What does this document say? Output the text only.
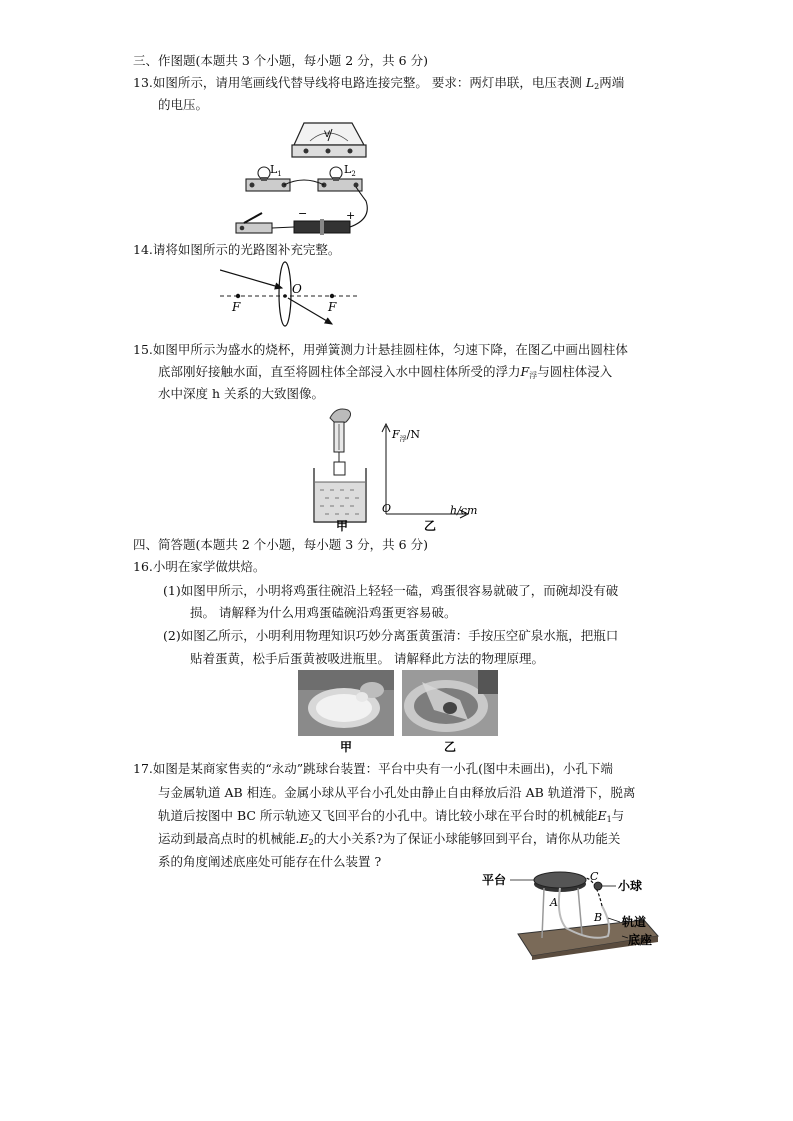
三、作图题(本题共 3 个小题，每小题 2 分，共 6 分)
13.如图所示，请用笔画线代替导线将电路连接完整。 要求：两灯串联，电压表测 $L_2$两端
的电压。
V
$L_1$	$L_2$
−	+
14.请将如图所示的光路图补充完整。
F
O
F
15.如图甲所示为盛水的烧杯，用弹簧测力计悬挂圆柱体，匀速下降，在图乙中画出圆柱体
底部刚好接触水面，直至将圆柱体全部浸入水中圆柱体所受的浮力$F_浮$与圆柱体浸入
水中深度 h 关系的大致图像。
$F_浮/N$
O	h/cm
甲	乙
四、简答题(本题共 2 个小题，每小题 3 分，共 6 分)
16.小明在家学做烘焙。
(1)如图甲所示，小明将鸡蛋往碗沿上轻轻一磕，鸡蛋很容易就破了，而碗却没有破
损。 请解释为什么用鸡蛋磕碗沿鸡蛋更容易破。
(2)如图乙所示，小明利用物理知识巧妙分离蛋黄蛋清：手按压空矿泉水瓶，把瓶口
贴着蛋黄，松手后蛋黄被吸进瓶里。 请解释此方法的物理原理。
甲	乙
17.如图是某商家售卖的“永动”跳球台装置：平台中央有一小孔(图中未画出)，小孔下端
与金属轨道 AB 相连。金属小球从平台小孔处由静止自由释放后沿 AB 轨道滑下，脱离
轨道后按图中 BC 所示轨迹又飞回平台的小孔中。请比较小球在平台时的机械能$E_1$与
运动到最高点时的机械能$.E_2$的大小关系?为了保证小球能够回到平台，请你从功能关
系的角度阐述底座处可能存在什么装置 ?
A
B
C
平台	小球
轨道
底座
